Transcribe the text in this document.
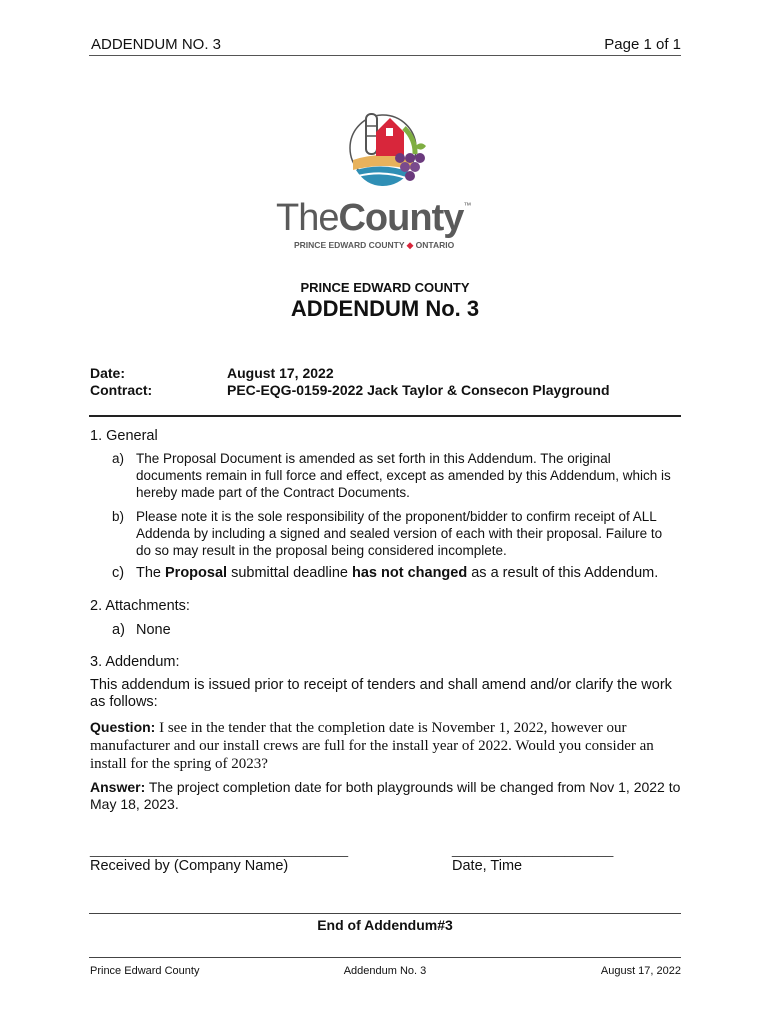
ADDENDUM NO. 3	Page 1 of 1
TheCounty™
PRINCE EDWARD COUNTY ◆ ONTARIO
PRINCE EDWARD COUNTY
ADDENDUM No. 3
Date:	August 17, 2022
Contract:	PEC-EQG-0159-2022 Jack Taylor & Consecon Playground
1. General
a) The Proposal Document is amended as set forth in this Addendum. The original documents remain in full force and effect, except as amended by this Addendum, which is hereby made part of the Contract Documents.
b) Please note it is the sole responsibility of the proponent/bidder to confirm receipt of ALL Addenda by including a signed and sealed version of each with their proposal. Failure to do so may result in the proposal being considered incomplete.
c) The Proposal submittal deadline has not changed as a result of this Addendum.
2. Attachments:
a) None
3. Addendum:
This addendum is issued prior to receipt of tenders and shall amend and/or clarify the work as follows:
Question: I see in the tender that the completion date is November 1, 2022, however our manufacturer and our install crews are full for the install year of 2022. Would you consider an install for the spring of 2023?
Answer: The project completion date for both playgrounds will be changed from Nov 1, 2022 to May 18, 2023.
________________________________
Received by (Company Name)
____________________
Date, Time
End of Addendum#3
Prince Edward County	Addendum No. 3	August 17, 2022
